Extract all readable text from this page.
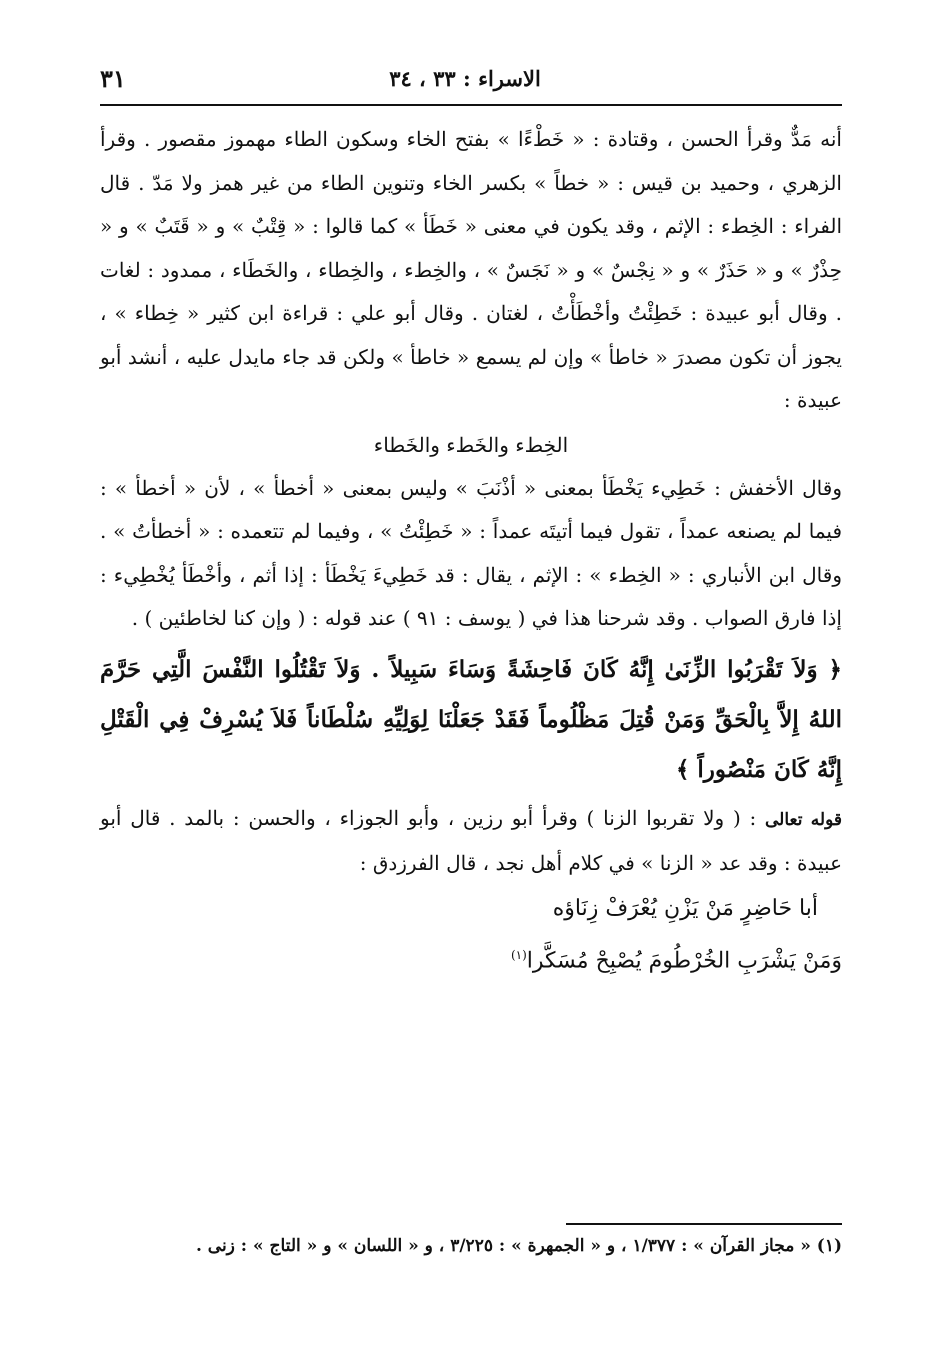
٣١	الاسراء : ٣٣ ، ٣٤

أنه مَدٌّ وقرأ الحسن ، وقتادة : « خَطْءًا » بفتح الخاء وسكون الطاء مهموز مقصور . وقرأ الزهري ، وحميد بن قيس : « خطاً » بكسر الخاء وتنوين الطاء من غير همز ولا مَدّ . قال الفراء : الخِطء : الإثم ، وقد يكون في معنى « خَطَأ » كما قالوا : « قِتْبٌ » و « قَتَبٌ » و « حِذْرٌ » و « حَذَرٌ » و « نِجْسٌ » و « نَجَسٌ » ، والخِطء ، والخِطاء ، والخَطَاء ، ممدود : لغات . وقال أبو عبيدة : خَطِئْتُ وأخْطَأْتُ ، لغتان . وقال أبو علي : قراءة ابن كثير « خِطاء » ، يجوز أن تكون مصدرَ « خاطأ » وإن لم يسمع « خاطأ » ولكن قد جاء مايدل عليه ، أنشد أبو عبيدة :

الخِطء والخَطء والخَطاء

وقال الأخفش : خَطِيء يَخْطَأ بمعنى « أذْنَبَ » وليس بمعنى « أخطأ » ، لأن « أخطأ » : فيما لم يصنعه عمداً ، تقول فيما أتيتَه عمداً : « خَطِئْتُ » ، وفيما لم تتعمده : « أخطأتُ » . وقال ابن الأنباري : « الخِطء » : الإثم ، يقال : قد خَطِيءَ يَخْطَأ : إذا أثم ، وأخْطَأ يُخْطِيء : إذا فارق الصواب . وقد شرحنا هذا في ( يوسف : ٩١ ) عند قوله : ( وإن كنا لخاطئين ) .

﴿ وَلاَ تَقْرَبُوا الزِّنَىٰ إِنَّهُ كَانَ فَاحِشَةً وَسَاءَ سَبِيلاً . وَلاَ تَقْتُلُوا النَّفْسَ الَّتِي حَرَّمَ اللهُ إِلاَّ بِالْحَقِّ وَمَنْ قُتِلَ مَظْلُوماً فَقَدْ جَعَلْنَا لِوَلِيِّهِ سُلْطَاناً فَلاَ يُسْرِفْ فِي الْقَتْلِ إِنَّهُ كَانَ مَنْصُوراً ﴾

قوله تعالى : ( ولا تقربوا الزنا ) وقرأ أبو رزين ، وأبو الجوزاء ، والحسن : بالمد . قال أبو عبيدة : وقد عد « الزنا » في كلام أهل نجد ، قال الفرزدق :

أبا حَاضِرٍ مَنْ يَزْنِ يُعْرَفْ زِنَاؤه

وَمَنْ يَشْرَبِ الخُرْطُومَ يُصْبِحْ مُسَكَّرا$^{(١)}$

(١) « مجاز القرآن » : ١/٣٧٧ ، و « الجمهرة » : ٣/٢٢٥ ، و « اللسان » و « التاج » : زنى .
